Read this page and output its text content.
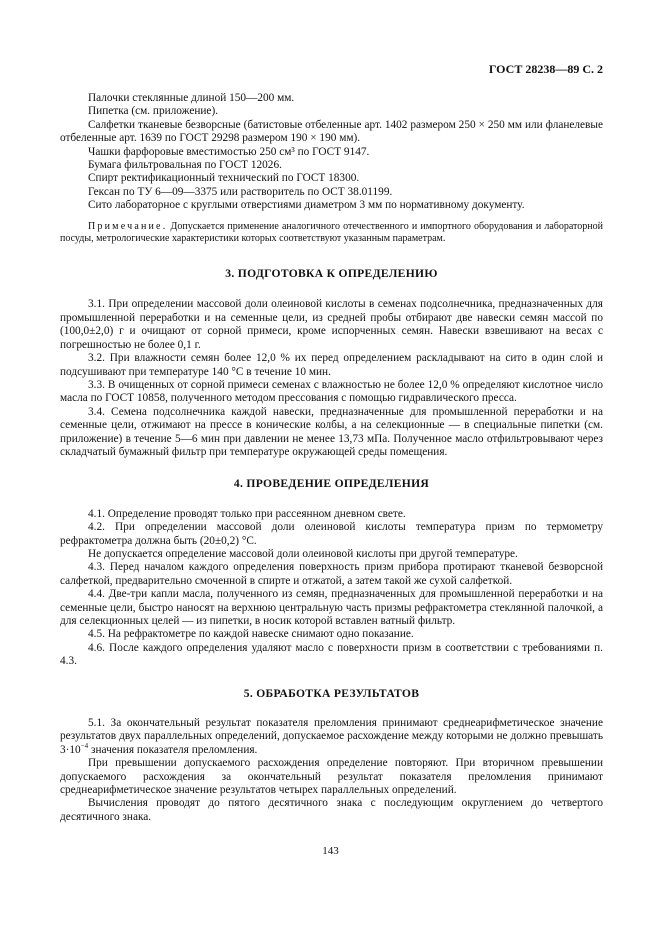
ГОСТ 28238—89 С. 2

Палочки стеклянные длиной 150—200 мм.

Пипетка (см. приложение).

Салфетки тканевые безворсные (батистовые отбеленные арт. 1402 размером 250 × 250 мм или фланелевые отбеленные арт. 1639 по ГОСТ 29298 размером 190 × 190 мм).

Чашки фарфоровые вместимостью 250 см³ по ГОСТ 9147.

Бумага фильтровальная по ГОСТ 12026.

Спирт ректификационный технический по ГОСТ 18300.

Гексан по ТУ 6—09—3375 или растворитель по ОСТ 38.01199.

Сито лабораторное с круглыми отверстиями диаметром 3 мм по нормативному документу.

Примечание. Допускается применение аналогичного отечественного и импортного оборудования и лабораторной посуды, метрологические характеристики которых соответствуют указанным параметрам.

3. ПОДГОТОВКА К ОПРЕДЕЛЕНИЮ

3.1. При определении массовой доли олеиновой кислоты в семенах подсолнечника, предназначенных для промышленной переработки и на семенные цели, из средней пробы отбирают две навески семян массой по (100,0±2,0) г и очищают от сорной примеси, кроме испорченных семян. Навески взвешивают на весах с погрешностью не более 0,1 г.

3.2. При влажности семян более 12,0 % их перед определением раскладывают на сито в один слой и подсушивают при температуре 140 °С в течение 10 мин.

3.3. В очищенных от сорной примеси семенах с влажностью не более 12,0 % определяют кислотное число масла по ГОСТ 10858, полученного методом прессования с помощью гидравлического пресса.

3.4. Семена подсолнечника каждой навески, предназначенные для промышленной переработки и на семенные цели, отжимают на прессе в конические колбы, а на селекционные — в специальные пипетки (см. приложение) в течение 5—6 мин при давлении не менее 13,73 мПа. Полученное масло отфильтровывают через складчатый бумажный фильтр при температуре окружающей среды помещения.

4. ПРОВЕДЕНИЕ ОПРЕДЕЛЕНИЯ

4.1. Определение проводят только при рассеянном дневном свете.

4.2. При определении массовой доли олеиновой кислоты температура призм по термометру рефрактометра должна быть (20±0,2) °С.

Не допускается определение массовой доли олеиновой кислоты при другой температуре.

4.3. Перед началом каждого определения поверхность призм прибора протирают тканевой безворсной салфеткой, предварительно смоченной в спирте и отжатой, а затем такой же сухой салфеткой.

4.4. Две-три капли масла, полученного из семян, предназначенных для промышленной переработки и на семенные цели, быстро наносят на верхнюю центральную часть призмы рефрактометра стеклянной палочкой, а для селекционных целей — из пипетки, в носик которой вставлен ватный фильтр.

4.5. На рефрактометре по каждой навеске снимают одно показание.

4.6. После каждого определения удаляют масло с поверхности призм в соответствии с требованиями п. 4.3.

5. ОБРАБОТКА РЕЗУЛЬТАТОВ

5.1. За окончательный результат показателя преломления принимают среднеарифметическое значение результатов двух параллельных определений, допускаемое расхождение между которыми не должно превышать $3\cdot 10^{-4}$ значения показателя преломления.

При превышении допускаемого расхождения определение повторяют. При вторичном превышении допускаемого расхождения за окончательный результат показателя преломления принимают среднеарифметическое значение результатов четырех параллельных определений.

Вычисления проводят до пятого десятичного знака с последующим округлением до четвертого десятичного знака.

143
